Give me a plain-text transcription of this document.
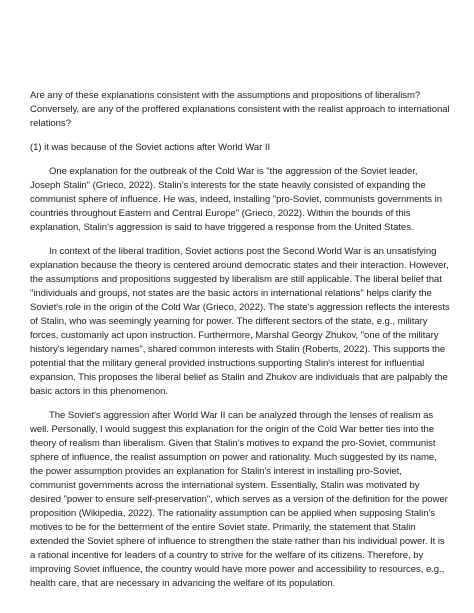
Are any of these explanations consistent with the assumptions and propositions of liberalism? Conversely, are any of the proffered explanations consistent with the realist approach to international relations?

(1) it was because of the Soviet actions after World War II

One explanation for the outbreak of the Cold War is "the aggression of the Soviet leader, Joseph Stalin" (Grieco, 2022). Stalin's interests for the state heavily consisted of expanding the communist sphere of influence. He was, indeed, installing "pro-Soviet, communists governments in countries throughout Eastern and Central Europe" (Grieco, 2022). Within the bounds of this explanation, Stalin's aggression is said to have triggered a response from the United States.

In context of the liberal tradition, Soviet actions post the Second World War is an unsatisfying explanation because the theory is centered around democratic states and their interaction. However, the assumptions and propositions suggested by liberalism are still applicable. The liberal belief that "individuals and groups, not states are the basic actors in international relations" helps clarify the Soviet's role in the origin of the Cold War (Grieco, 2022). The state's aggression reflects the interests of Stalin, who was seemingly yearning for power. The different sectors of the state, e.g., military forces, customarily act upon instruction. Furthermore, Marshal Georgy Zhukov, "one of the military history's legendary names", shared common interests with Stalin (Roberts, 2022). This supports the potential that the military general provided instructions supporting Stalin's interest for influential expansion. This proposes the liberal belief as Stalin and Zhukov are individuals that are palpably the basic actors in this phenomenon.

The Soviet's aggression after World War II can be analyzed through the lenses of realism as well. Personally, I would suggest this explanation for the origin of the Cold War better ties into the theory of realism than liberalism. Given that Stalin's motives to expand the pro-Soviet, communist sphere of influence, the realist assumption on power and rationality. Much suggested by its name, the power assumption provides an explanation for Stalin's interest in installing pro-Soviet, communist governments across the international system. Essentially, Stalin was motivated by desired "power to ensure self-preservation", which serves as a version of the definition for the power proposition (Wikipedia, 2022). The rationality assumption can be applied when supposing Stalin's motives to be for the betterment of the entire Soviet state. Primarily, the statement that Stalin extended the Soviet sphere of influence to strengthen the state rather than his individual power. It is a rational incentive for leaders of a country to strive for the welfare of its citizens. Therefore, by improving Soviet influence, the country would have more power and accessibility to resources, e.g., health care, that are necessary in advancing the welfare of its population.
